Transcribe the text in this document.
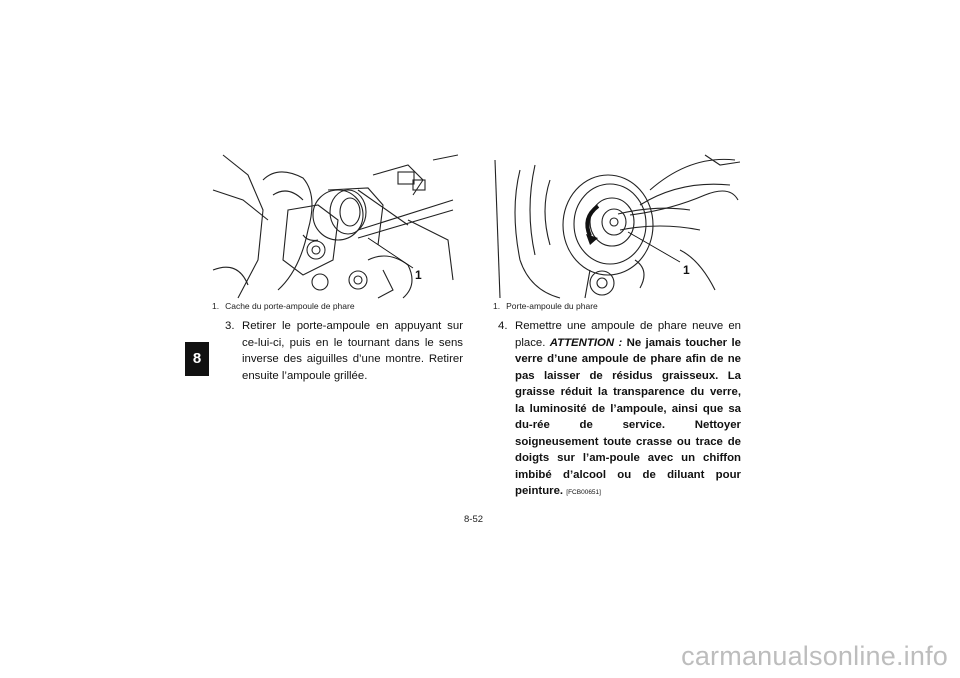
8
1
1. Cache du porte-ampoule de phare
1
1. Porte-ampoule du phare
3. Retirer le porte-ampoule en appuyant sur ce-lui-ci, puis en le tournant dans le sens inverse des aiguilles d’une montre. Retirer ensuite l’ampoule grillée.
4. Remettre une ampoule de phare neuve en place. ATTENTION : Ne jamais toucher le verre d’une ampoule de phare afin de ne pas laisser de résidus graisseux. La graisse réduit la transparence du verre, la luminosité de l’ampoule, ainsi que sa du-rée de service. Nettoyer soigneusement toute crasse ou trace de doigts sur l’am-poule avec un chiffon imbibé d’alcool ou de diluant pour peinture. [FCB00651]
8-52
carmanualsonline.info
